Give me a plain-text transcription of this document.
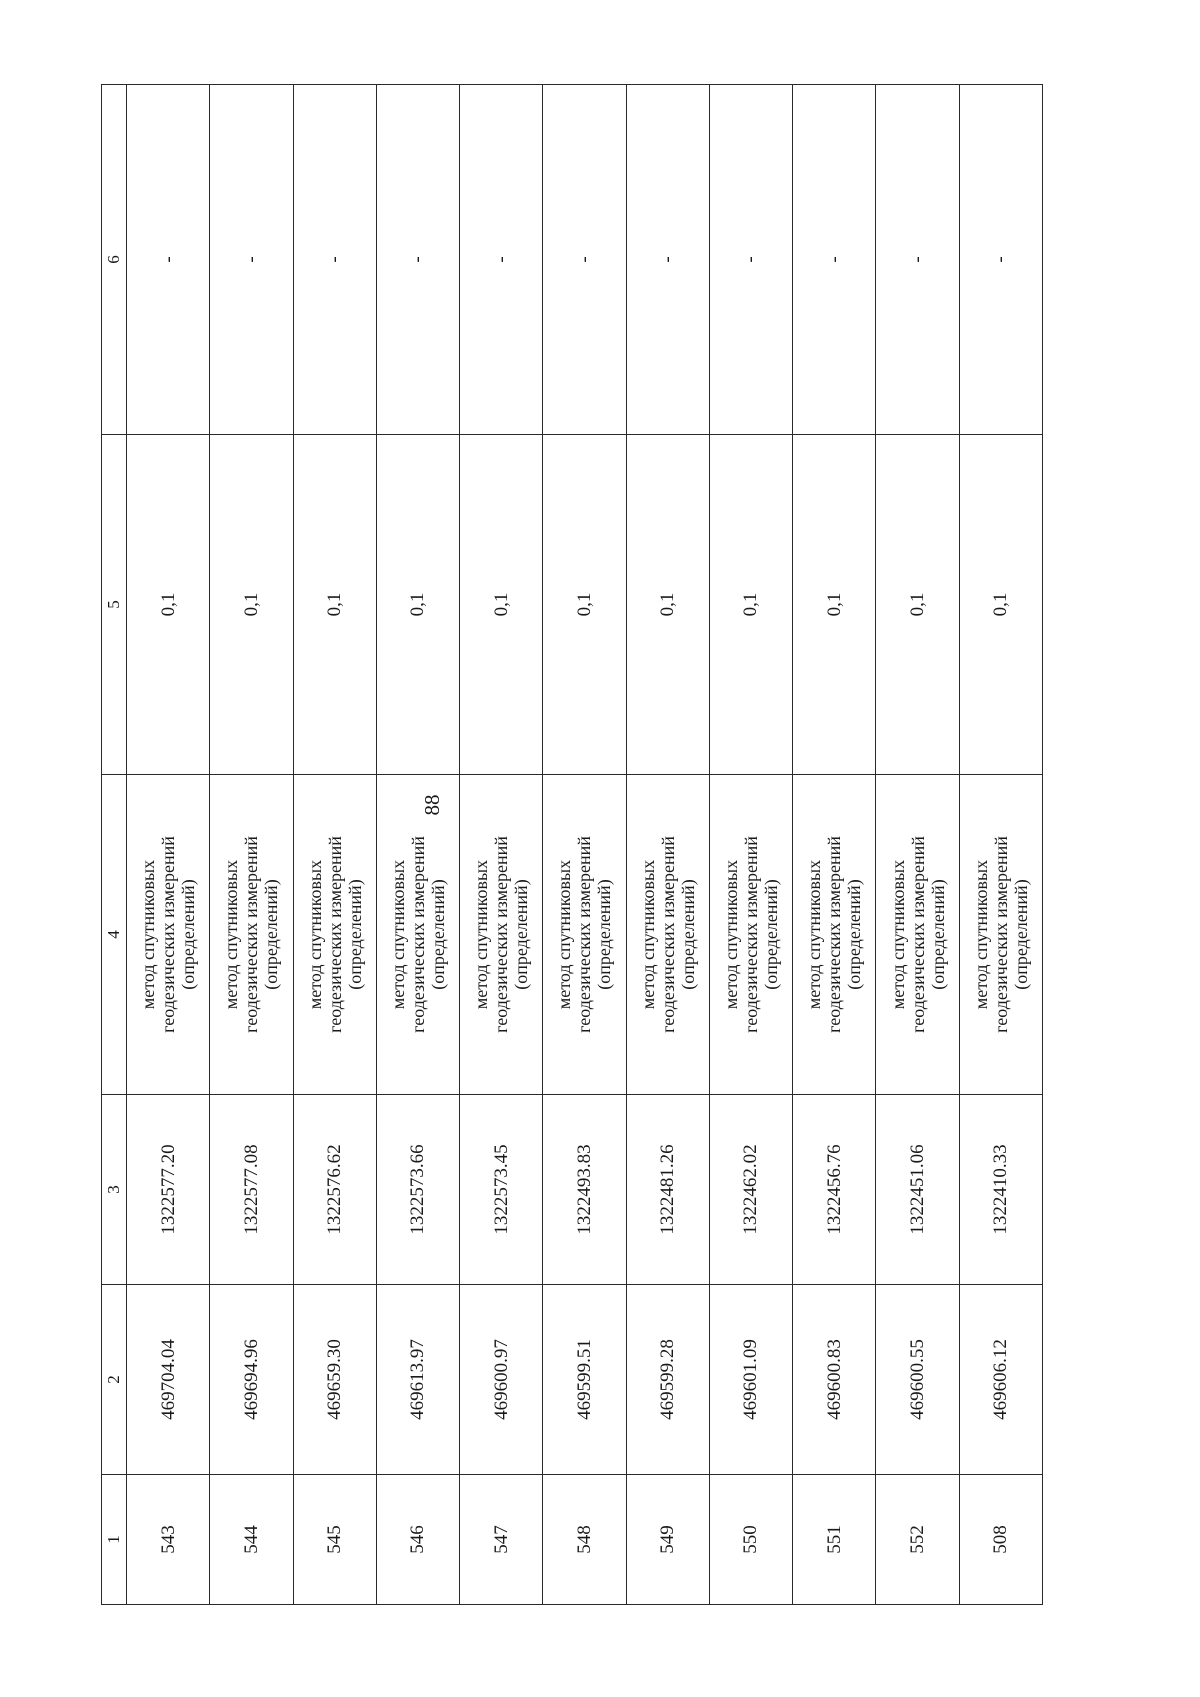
88
1	2	3	4	5	6
543	469704.04	1322577.20	метод спутниковых геодезических измерений (определений)	0,1	-
544	469694.96	1322577.08	метод спутниковых геодезических измерений (определений)	0,1	-
545	469659.30	1322576.62	метод спутниковых геодезических измерений (определений)	0,1	-
546	469613.97	1322573.66	метод спутниковых геодезических измерений (определений)	0,1	-
547	469600.97	1322573.45	метод спутниковых геодезических измерений (определений)	0,1	-
548	469599.51	1322493.83	метод спутниковых геодезических измерений (определений)	0,1	-
549	469599.28	1322481.26	метод спутниковых геодезических измерений (определений)	0,1	-
550	469601.09	1322462.02	метод спутниковых геодезических измерений (определений)	0,1	-
551	469600.83	1322456.76	метод спутниковых геодезических измерений (определений)	0,1	-
552	469600.55	1322451.06	метод спутниковых геодезических измерений (определений)	0,1	-
508	469606.12	1322410.33	метод спутниковых геодезических измерений (определений)	0,1	-
